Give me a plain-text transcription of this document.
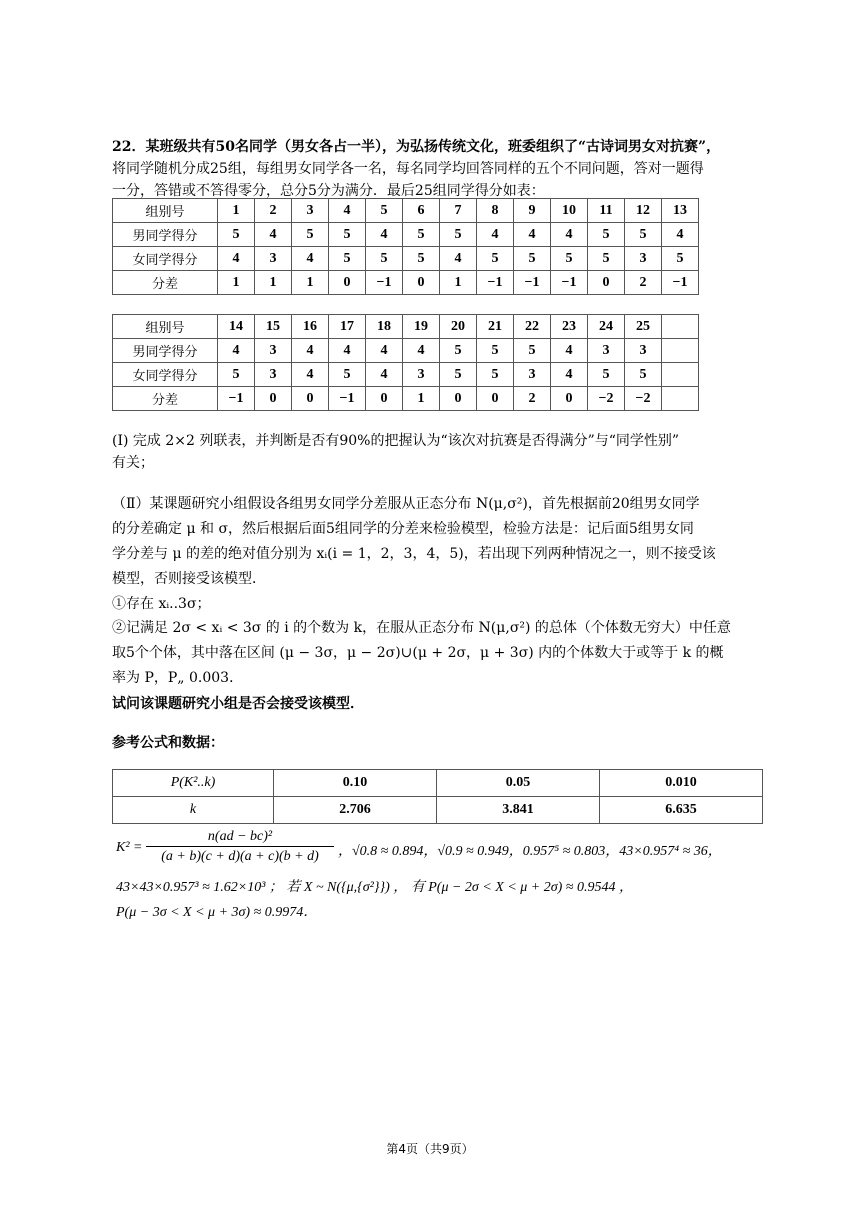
22．某班级共有50名同学（男女各占一半），为弘扬传统文化，班委组织了“古诗词男女对抗赛”，

将同学随机分成25组，每组男女同学各一名，每名同学均回答同样的五个不同问题，答对一题得

一分，答错或不答得零分，总分5分为满分．最后25组同学得分如表：

组别号	1	2	3	4	5	6	7	8	9	10	11	12	13
男同学得分	5	4	5	5	4	5	5	4	4	4	5	5	4
女同学得分	4	3	4	5	5	5	4	5	5	5	5	3	5
分差	1	1	1	0	−1	0	1	−1	−1	−1	0	2	−1
组别号	14	15	16	17	18	19	20	21	22	23	24	25	
男同学得分	4	3	4	4	4	4	5	5	5	4	3	3	
女同学得分	5	3	4	5	4	3	5	5	3	4	5	5	
分差	−1	0	0	−1	0	1	0	0	2	0	−2	−2	

(I) 完成 2×2 列联表，并判断是否有90%的把握认为“该次对抗赛是否得满分”与“同学性别”

有关；

（Ⅱ）某课题研究小组假设各组男女同学分差服从正态分布 N(μ,σ²)，首先根据前20组男女同学

的分差确定 μ 和 σ，然后根据后面5组同学的分差来检验模型，检验方法是：记后面5组男女同

学分差与 μ 的差的绝对值分别为 xᵢ(i = 1，2，3，4，5)，若出现下列两种情况之一，则不接受该

模型，否则接受该模型．

①存在 xᵢ..3σ；

②记满足 2σ < xᵢ < 3σ 的 i 的个数为 k，在服从正态分布 N(μ,σ²) 的总体（个体数无穷大）中任意

取5个个体，其中落在区间 (μ − 3σ，μ − 2σ)∪(μ + 2σ，μ + 3σ) 内的个体数大于或等于 k 的概

率为 P，P„ 0.003．

试问该课题研究小组是否会接受该模型．

参考公式和数据：

P(K²..k)	0.10	0.05	0.010
k	2.706	3.841	6.635
$K^2 = \frac{\text{n(ad − bc)²}}{(a + b)(c + d)(a + c)(b + d)}$ ，√0.8 ≈ 0.894，√0.9 ≈ 0.949，0.957⁵ ≈ 0.803，43×0.957⁴ ≈ 36，
43×43×0.957³ ≈ 1.62×10³ ； 若 X ~ N({μ,{σ²}}) ， 有 P(μ − 2σ < X < μ + 2σ) ≈ 0.9544 ，
P(μ − 3σ < X < μ + 3σ) ≈ 0.9974．
第4页（共9页）
